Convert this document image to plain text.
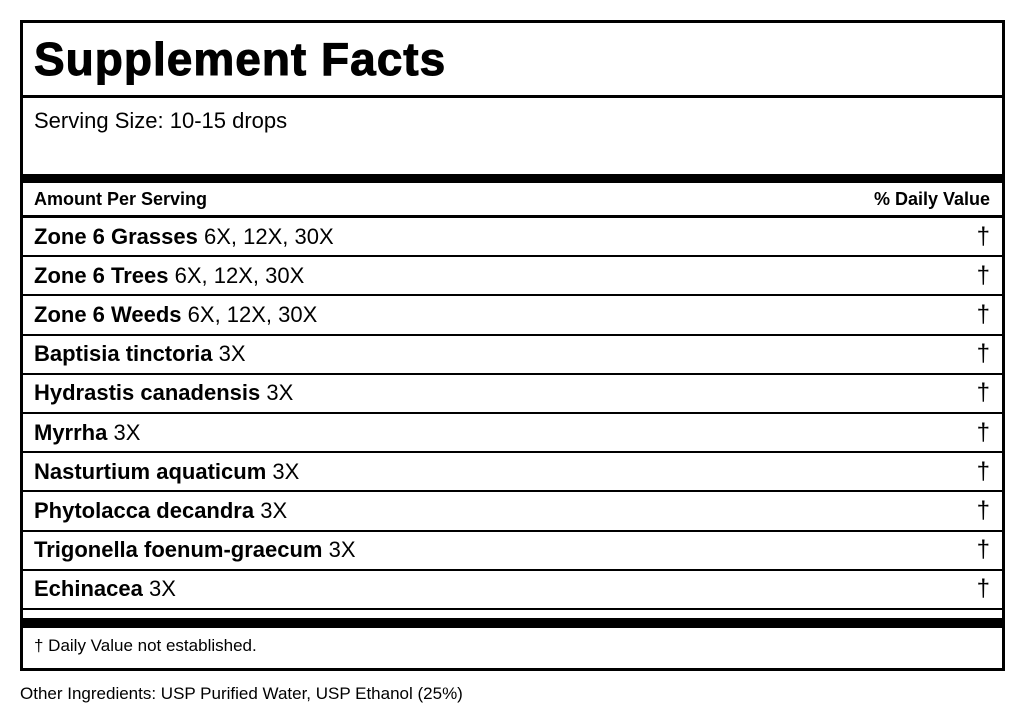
Supplement Facts
Serving Size: 10-15 drops
Amount Per Serving	% Daily Value
Zone 6 Grasses 6X, 12X, 30X	†
Zone 6 Trees 6X, 12X, 30X	†
Zone 6 Weeds 6X, 12X, 30X	†
Baptisia tinctoria 3X	†
Hydrastis canadensis 3X	†
Myrrha 3X	†
Nasturtium aquaticum 3X	†
Phytolacca decandra 3X	†
Trigonella foenum-graecum 3X	†
Echinacea 3X	†
† Daily Value not established.
Other Ingredients: USP Purified Water, USP Ethanol (25%)
